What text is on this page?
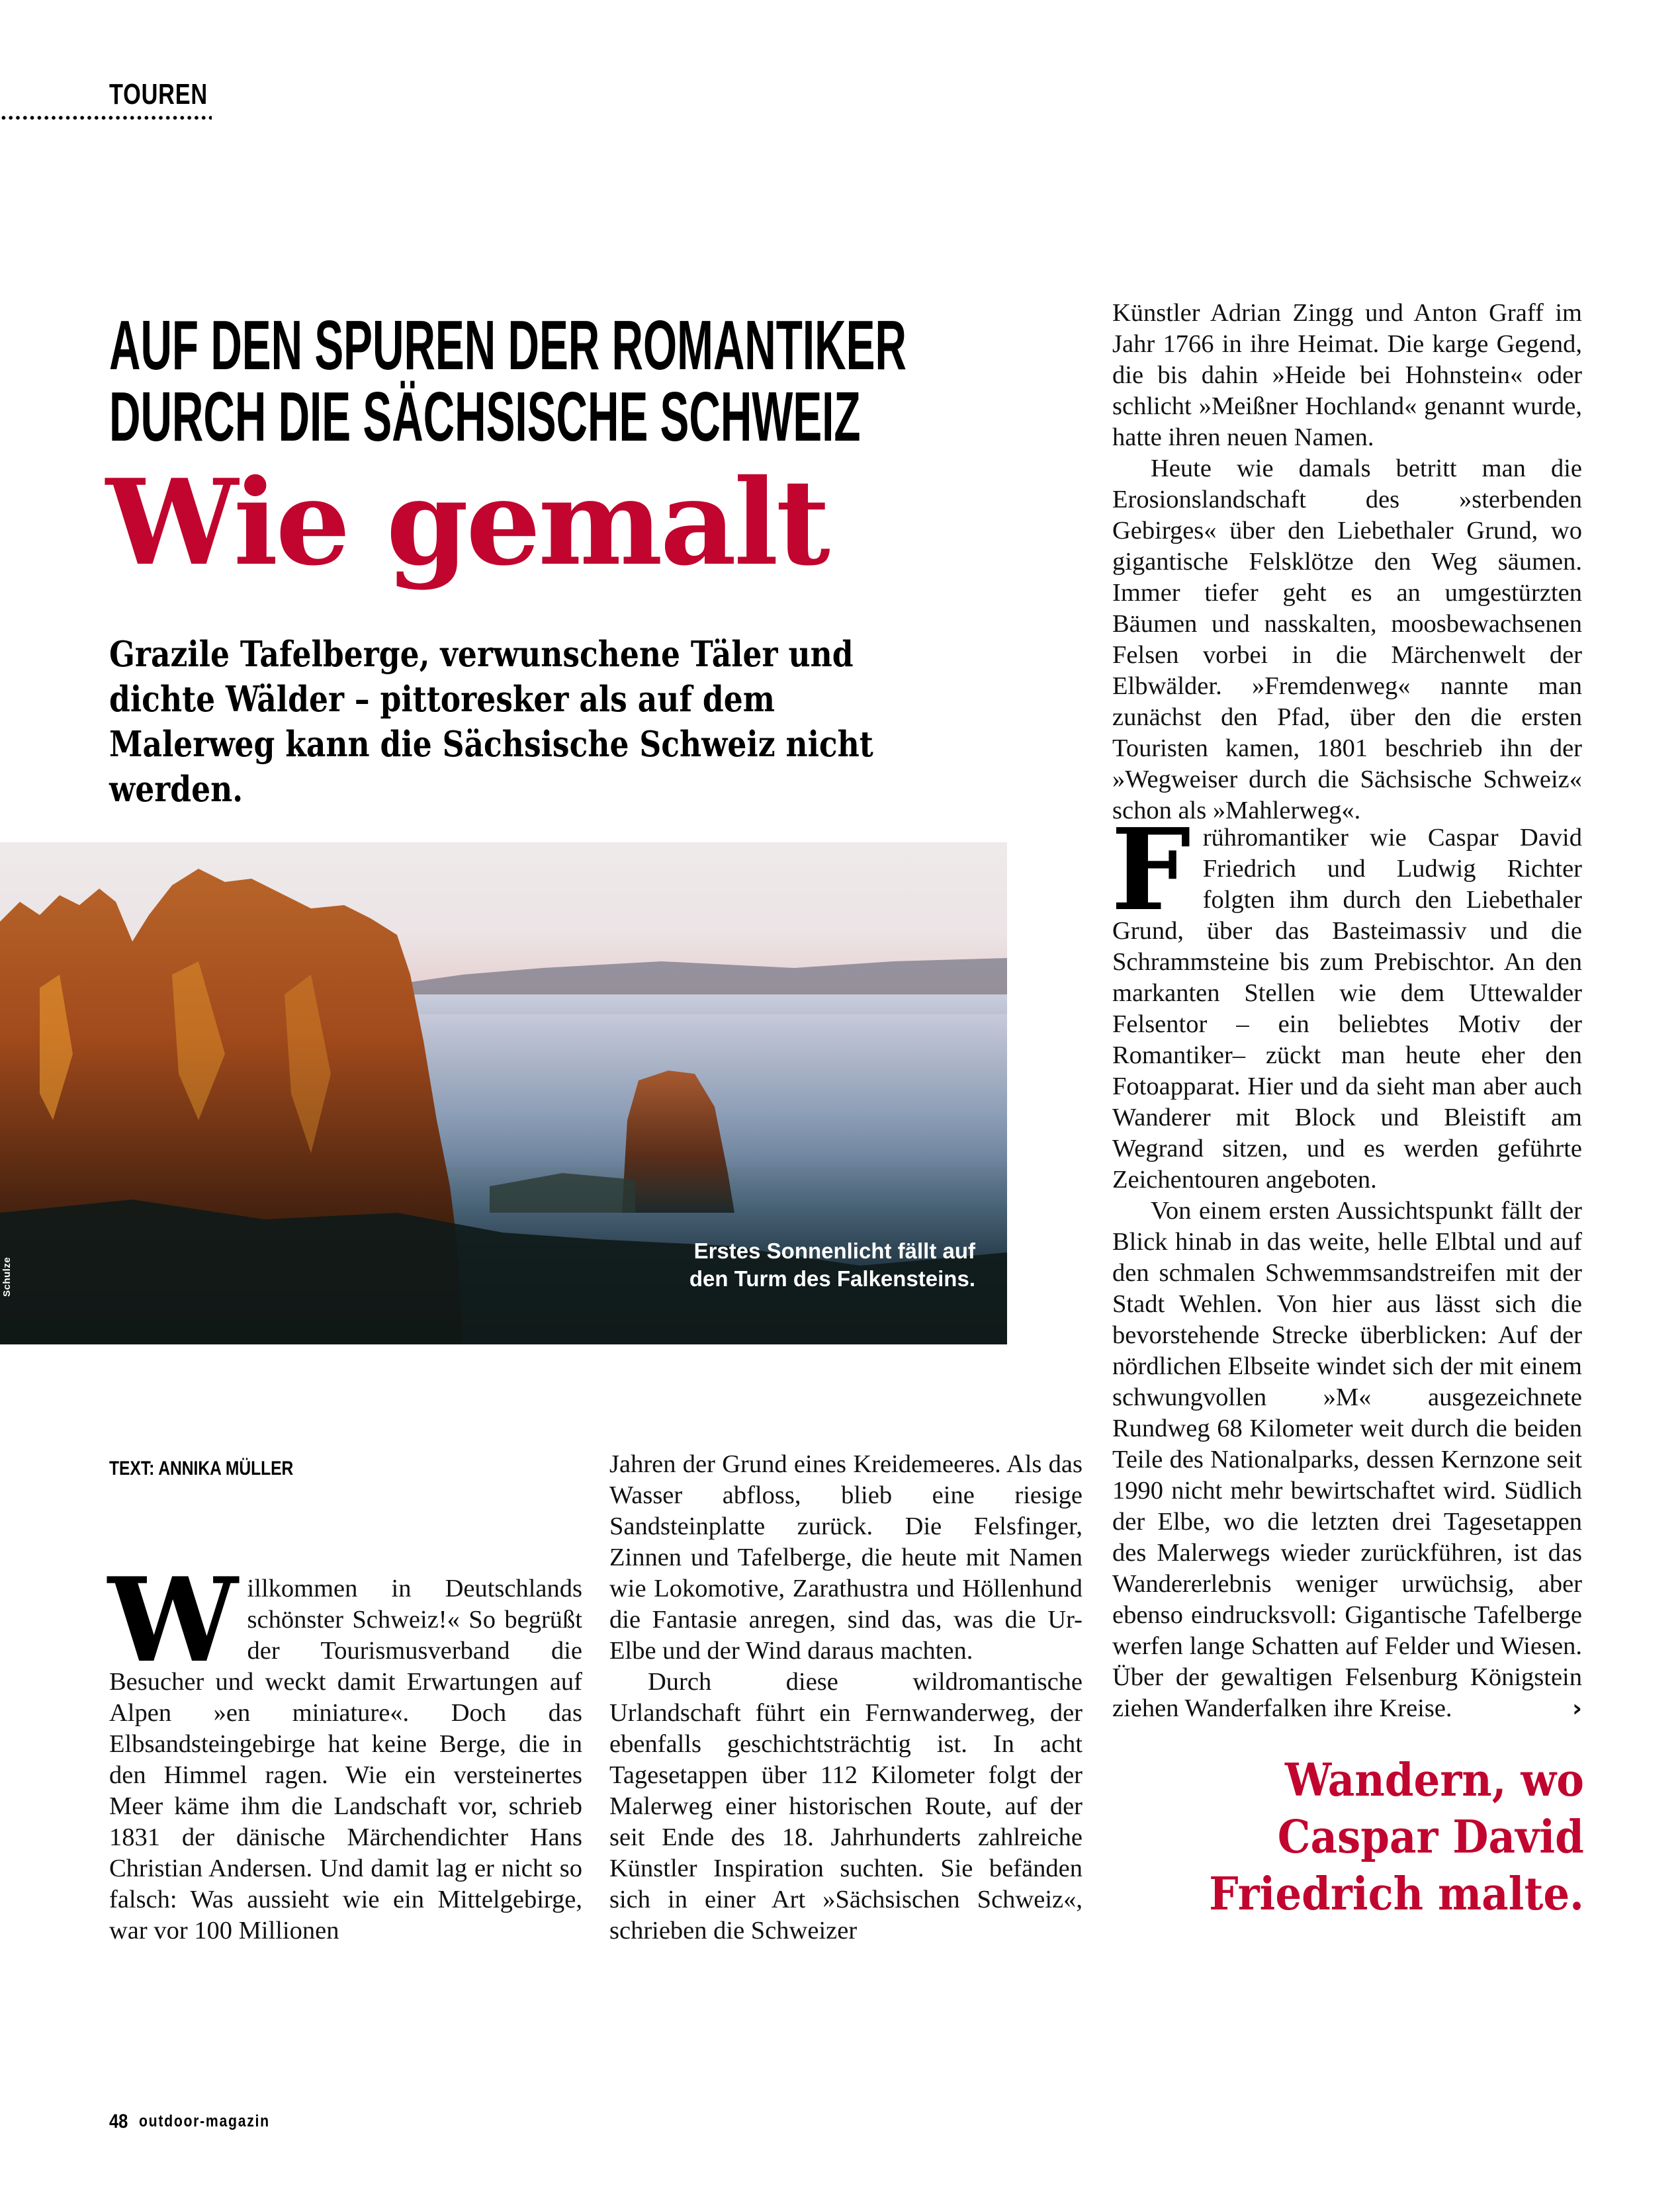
TOUREN
AUF DEN SPUREN DER ROMANTIKER
DURCH DIE SÄCHSISCHE SCHWEIZ
Wie gemalt
Grazile Tafelberge, verwunschene Täler und dichte Wälder – pittoresker als auf dem Malerweg kann die Sächsische Schweiz nicht werden.
Erstes Sonnenlicht fällt auf
den Turm des Falkensteins.
Schulze
TEXT: ANNIKA MÜLLER

Willkommen in Deutschlands schönster Schweiz!« So begrüßt der Tourismusverband die Besucher und weckt damit Erwartungen auf Alpen »en miniature«. Doch das Elbsandsteingebirge hat keine Berge, die in den Himmel ragen. Wie ein versteinertes Meer käme ihm die Landschaft vor, schrieb 1831 der dänische Märchendichter Hans Christian Andersen. Und damit lag er nicht so falsch: Was aussieht wie ein Mittelgebirge, war vor 100 Millionen

Jahren der Grund eines Kreidemeeres. Als das Wasser abfloss, blieb eine riesige Sandsteinplatte zurück. Die Felsfinger, Zinnen und Tafelberge, die heute mit Namen wie Lokomotive, Zarathustra und Höllenhund die Fantasie anregen, sind das, was die Ur-Elbe und der Wind daraus machten.

Durch diese wildromantische Urlandschaft führt ein Fernwanderweg, der ebenfalls geschichtsträchtig ist. In acht Tagesetappen über 112 Kilometer folgt der Malerweg einer historischen Route, auf der seit Ende des 18. Jahrhunderts zahlreiche Künstler Inspiration suchten. Sie befänden sich in einer Art »Sächsischen Schweiz«, schrieben die Schweizer

Künstler Adrian Zingg und Anton Graff im Jahr 1766 in ihre Heimat. Die karge Gegend, die bis dahin »Heide bei Hohnstein« oder schlicht »Meißner Hochland« genannt wurde, hatte ihren neuen Namen.

Heute wie damals betritt man die Erosionslandschaft des »sterbenden Gebirges« über den Liebethaler Grund, wo gigantische Felsklötze den Weg säumen. Immer tiefer geht es an umgestürzten Bäumen und nasskalten, moosbewachsenen Felsen vorbei in die Märchenwelt der Elbwälder. »Fremdenweg« nannte man zunächst den Pfad, über den die ersten Touristen kamen, 1801 beschrieb ihn der »Wegweiser durch die Sächsische Schweiz« schon als »Mahlerweg«.

Frühromantiker wie Caspar David Friedrich und Ludwig Richter folgten ihm durch den Liebethaler Grund, über das Basteimassiv und die Schrammsteine bis zum Prebischtor. An den markanten Stellen wie dem Uttewalder Felsentor – ein beliebtes Motiv der Romantiker– zückt man heute eher den Fotoapparat. Hier und da sieht man aber auch Wanderer mit Block und Bleistift am Wegrand sitzen, und es werden geführte Zeichentouren angeboten.

Von einem ersten Aussichtspunkt fällt der Blick hinab in das weite, helle Elbtal und auf den schmalen Schwemmsandstreifen mit der Stadt Wehlen. Von hier aus lässt sich die bevorstehende Strecke überblicken: Auf der nördlichen Elbseite windet sich der mit einem schwungvollen »M« ausgezeichnete Rundweg 68 Kilometer weit durch die beiden Teile des Nationalparks, dessen Kernzone seit 1990 nicht mehr bewirtschaftet wird. Südlich der Elbe, wo die letzten drei Tagesetappen des Malerwegs wieder zurückführen, ist das Wandererlebnis weniger urwüchsig, aber ebenso eindrucksvoll: Gigantische Tafelberge werfen lange Schatten auf Felder und Wiesen. Über der gewaltigen Felsenburg Königstein ziehen Wanderfalken ihre Kreise.	›

Wandern, wo
Caspar David
Friedrich malte.
48 outdoor-magazin
